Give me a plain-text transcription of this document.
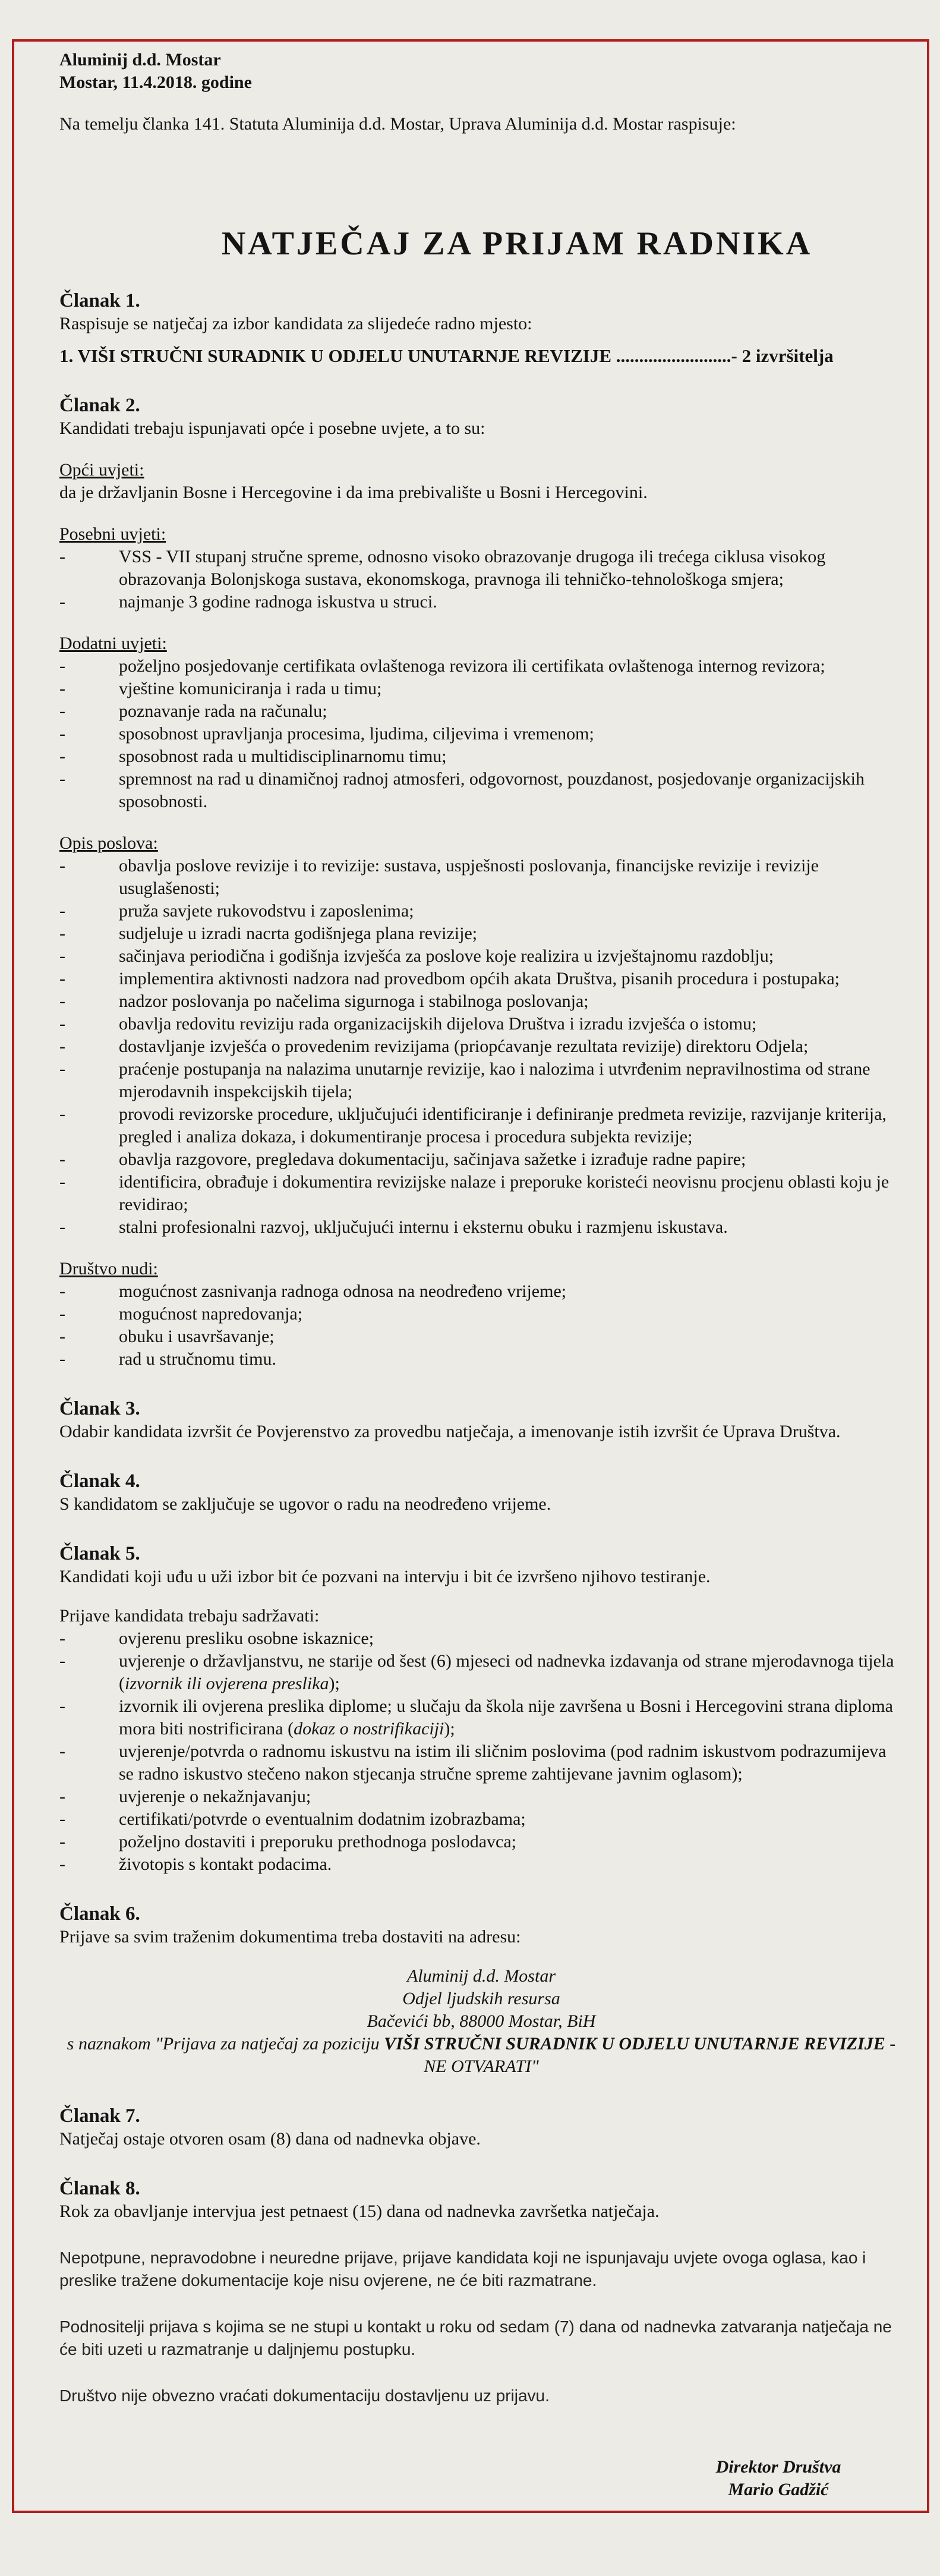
Aluminij d.d. Mostar

Mostar, 11.4.2018. godine

Na temelju članka 141. Statuta Aluminija d.d. Mostar, Uprava Aluminija d.d. Mostar raspisuje:

NATJEČAJ ZA PRIJAM RADNIKA

Članak 1.

Raspisuje se natječaj za izbor kandidata za slijedeće radno mjesto:

1. VIŠI STRUČNI SURADNIK U ODJELU UNUTARNJE REVIZIJE .........................- 2 izvršitelja

Članak 2.

Kandidati trebaju ispunjavati opće i posebne uvjete, a to su:

Opći uvjeti:

da je državljanin Bosne i Hercegovine i da ima prebivalište u Bosni i Hercegovini.

Posebni uvjeti:

- VSS - VII stupanj stručne spreme, odnosno visoko obrazovanje drugoga ili trećega ciklusa visokog obrazovanja Bolonjskoga sustava, ekonomskoga, pravnoga ili tehničko-tehnološkoga smjera;
- najmanje 3 godine radnoga iskustva u struci.

Dodatni uvjeti:

- poželjno posjedovanje certifikata ovlaštenoga revizora ili certifikata ovlaštenoga internog revizora;
- vještine komuniciranja i rada u timu;
- poznavanje rada na računalu;
- sposobnost upravljanja procesima, ljudima, ciljevima i vremenom;
- sposobnost rada u multidisciplinarnomu timu;
- spremnost na rad u dinamičnoj radnoj atmosferi, odgovornost, pouzdanost, posjedovanje organizacijskih sposobnosti.

Opis poslova:

- obavlja poslove revizije i to revizije: sustava, uspješnosti poslovanja, financijske revizije i revizije usuglašenosti;
- pruža savjete rukovodstvu i zaposlenima;
- sudjeluje u izradi nacrta godišnjega plana revizije;
- sačinjava periodična i godišnja izvješća za poslove koje realizira u izvještajnomu razdoblju;
- implementira aktivnosti nadzora nad provedbom općih akata Društva, pisanih procedura i postupaka;
- nadzor poslovanja po načelima sigurnoga i stabilnoga poslovanja;
- obavlja redovitu reviziju rada organizacijskih dijelova Društva i izradu izvješća o istomu;
- dostavljanje izvješća o provedenim revizijama (priopćavanje rezultata revizije) direktoru Odjela;
- praćenje postupanja na nalazima unutarnje revizije, kao i nalozima i utvrđenim nepravilnostima od strane mjerodavnih inspekcijskih tijela;
- provodi revizorske procedure, uključujući identificiranje i definiranje predmeta revizije, razvijanje kriterija, pregled i analiza dokaza, i dokumentiranje procesa i procedura subjekta revizije;
- obavlja razgovore, pregledava dokumentaciju, sačinjava sažetke i izrađuje radne papire;
- identificira, obrađuje i dokumentira revizijske nalaze i preporuke koristeći neovisnu procjenu oblasti koju je revidirao;
- stalni profesionalni razvoj, uključujući internu i eksternu obuku i razmjenu iskustava.

Društvo nudi:

- mogućnost zasnivanja radnoga odnosa na neodređeno vrijeme;
- mogućnost napredovanja;
- obuku i usavršavanje;
- rad u stručnomu timu.

Članak 3.

Odabir kandidata izvršit će Povjerenstvo za provedbu natječaja, a imenovanje istih izvršit će Uprava Društva.

Članak 4.

S kandidatom se zaključuje se ugovor o radu na neodređeno vrijeme.

Članak 5.

Kandidati koji uđu u uži izbor bit će pozvani na intervju i bit će izvršeno njihovo testiranje.

Prijave kandidata trebaju sadržavati:

- ovjerenu presliku osobne iskaznice;
- uvjerenje o državljanstvu, ne starije od šest (6) mjeseci od nadnevka izdavanja od strane mjerodavnoga tijela (izvornik ili ovjerena preslika);
- izvornik ili ovjerena preslika diplome; u slučaju da škola nije završena u Bosni i Hercegovini strana diploma mora biti nostrificirana (dokaz o nostrifikaciji);
- uvjerenje/potvrda o radnomu iskustvu na istim ili sličnim poslovima (pod radnim iskustvom podrazumijeva se radno iskustvo stečeno nakon stjecanja stručne spreme zahtijevane javnim oglasom);
- uvjerenje o nekažnjavanju;
- certifikati/potvrde o eventualnim dodatnim izobrazbama;
- poželjno dostaviti i preporuku prethodnoga poslodavca;
- životopis s kontakt podacima.

Članak 6.

Prijave sa svim traženim dokumentima treba dostaviti na adresu:

Aluminij d.d. Mostar

Odjel ljudskih resursa

Bačevići bb, 88000 Mostar, BiH

s naznakom "Prijava za natječaj za poziciju VIŠI STRUČNI SURADNIK U ODJELU UNUTARNJE REVIZIJE - NE OTVARATI"

Članak 7.

Natječaj ostaje otvoren osam (8) dana od nadnevka objave.

Članak 8.

Rok za obavljanje intervjua jest petnaest (15) dana od nadnevka završetka natječaja.

Nepotpune, nepravodobne i neuredne prijave, prijave kandidata koji ne ispunjavaju uvjete ovoga oglasa, kao i preslike tražene dokumentacije koje nisu ovjerene, ne će biti razmatrane.

Podnositelji prijava s kojima se ne stupi u kontakt u roku od sedam (7) dana od nadnevka zatvaranja natječaja ne će biti uzeti u razmatranje u daljnjemu postupku.

Društvo nije obvezno vraćati dokumentaciju dostavljenu uz prijavu.

Direktor Društva

Mario Gadžić
